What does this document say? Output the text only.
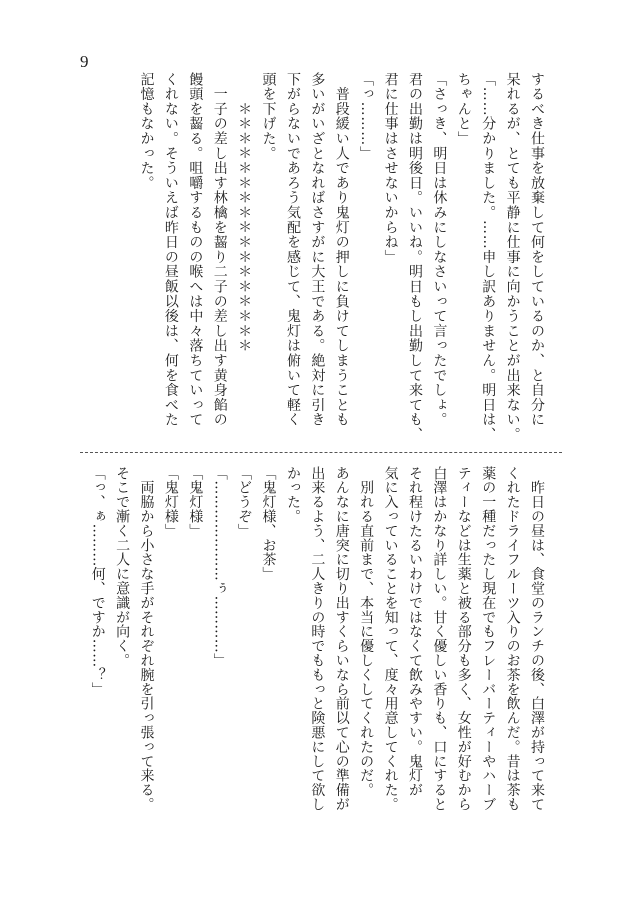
9

するべき仕事を放棄して何をしているのか、と自分に

呆れるが、とても平静に仕事に向かうことが出来ない。

「……分かりました。……申し訳ありません。明日は、

ちゃんと」

「さっき、明日は休みにしなさいって言ったでしょ。

君の出勤は明後日。いいね。明日もし出勤して来ても、

君に仕事はさせないからね」

「っ………」

　普段緩い人であり鬼灯の押しに負けてしまうことも

多いがいざとなればさすがに大王である。絶対に引き

下がらないであろう気配を感じて、鬼灯は俯いて軽く

頭を下げた。

　　＊＊＊＊＊＊＊＊＊＊＊＊＊＊＊＊＊

　一子の差し出す林檎を齧り二子の差し出す黄身餡の

饅頭を齧る。咀嚼するものの喉へは中々落ちていって

くれない。そういえば昨日の昼飯以後は、何を食べた

記憶もなかった。

　昨日の昼は、食堂のランチの後、白澤が持って来て

くれたドライフルーツ入りのお茶を飲んだ。昔は茶も

薬の一種だったし現在でもフレーバーティーやハーブ

ティーなどは生薬と被る部分も多く、女性が好むから

白澤はかなり詳しい。甘く優しい香りも、口にすると

それ程けたるいわけではなくて飲みやすい。鬼灯が

気に入っていることを知って、度々用意してくれた。

　別れる直前まで、本当に優しくしてくれたのだ。

あんなに唐突に切り出すくらいなら前以て心の準備が

出来るよう、二人きりの時でももっと険悪にして欲し

かった。

「鬼灯様、お茶」

「どうぞ」

「…………………ぅ…………」

「鬼灯様」

「鬼灯様」

　両脇から小さな手がそれぞれ腕を引っ張って来る。

そこで漸く二人に意識が向く。

「っ、ぁ………何、ですか……？」
